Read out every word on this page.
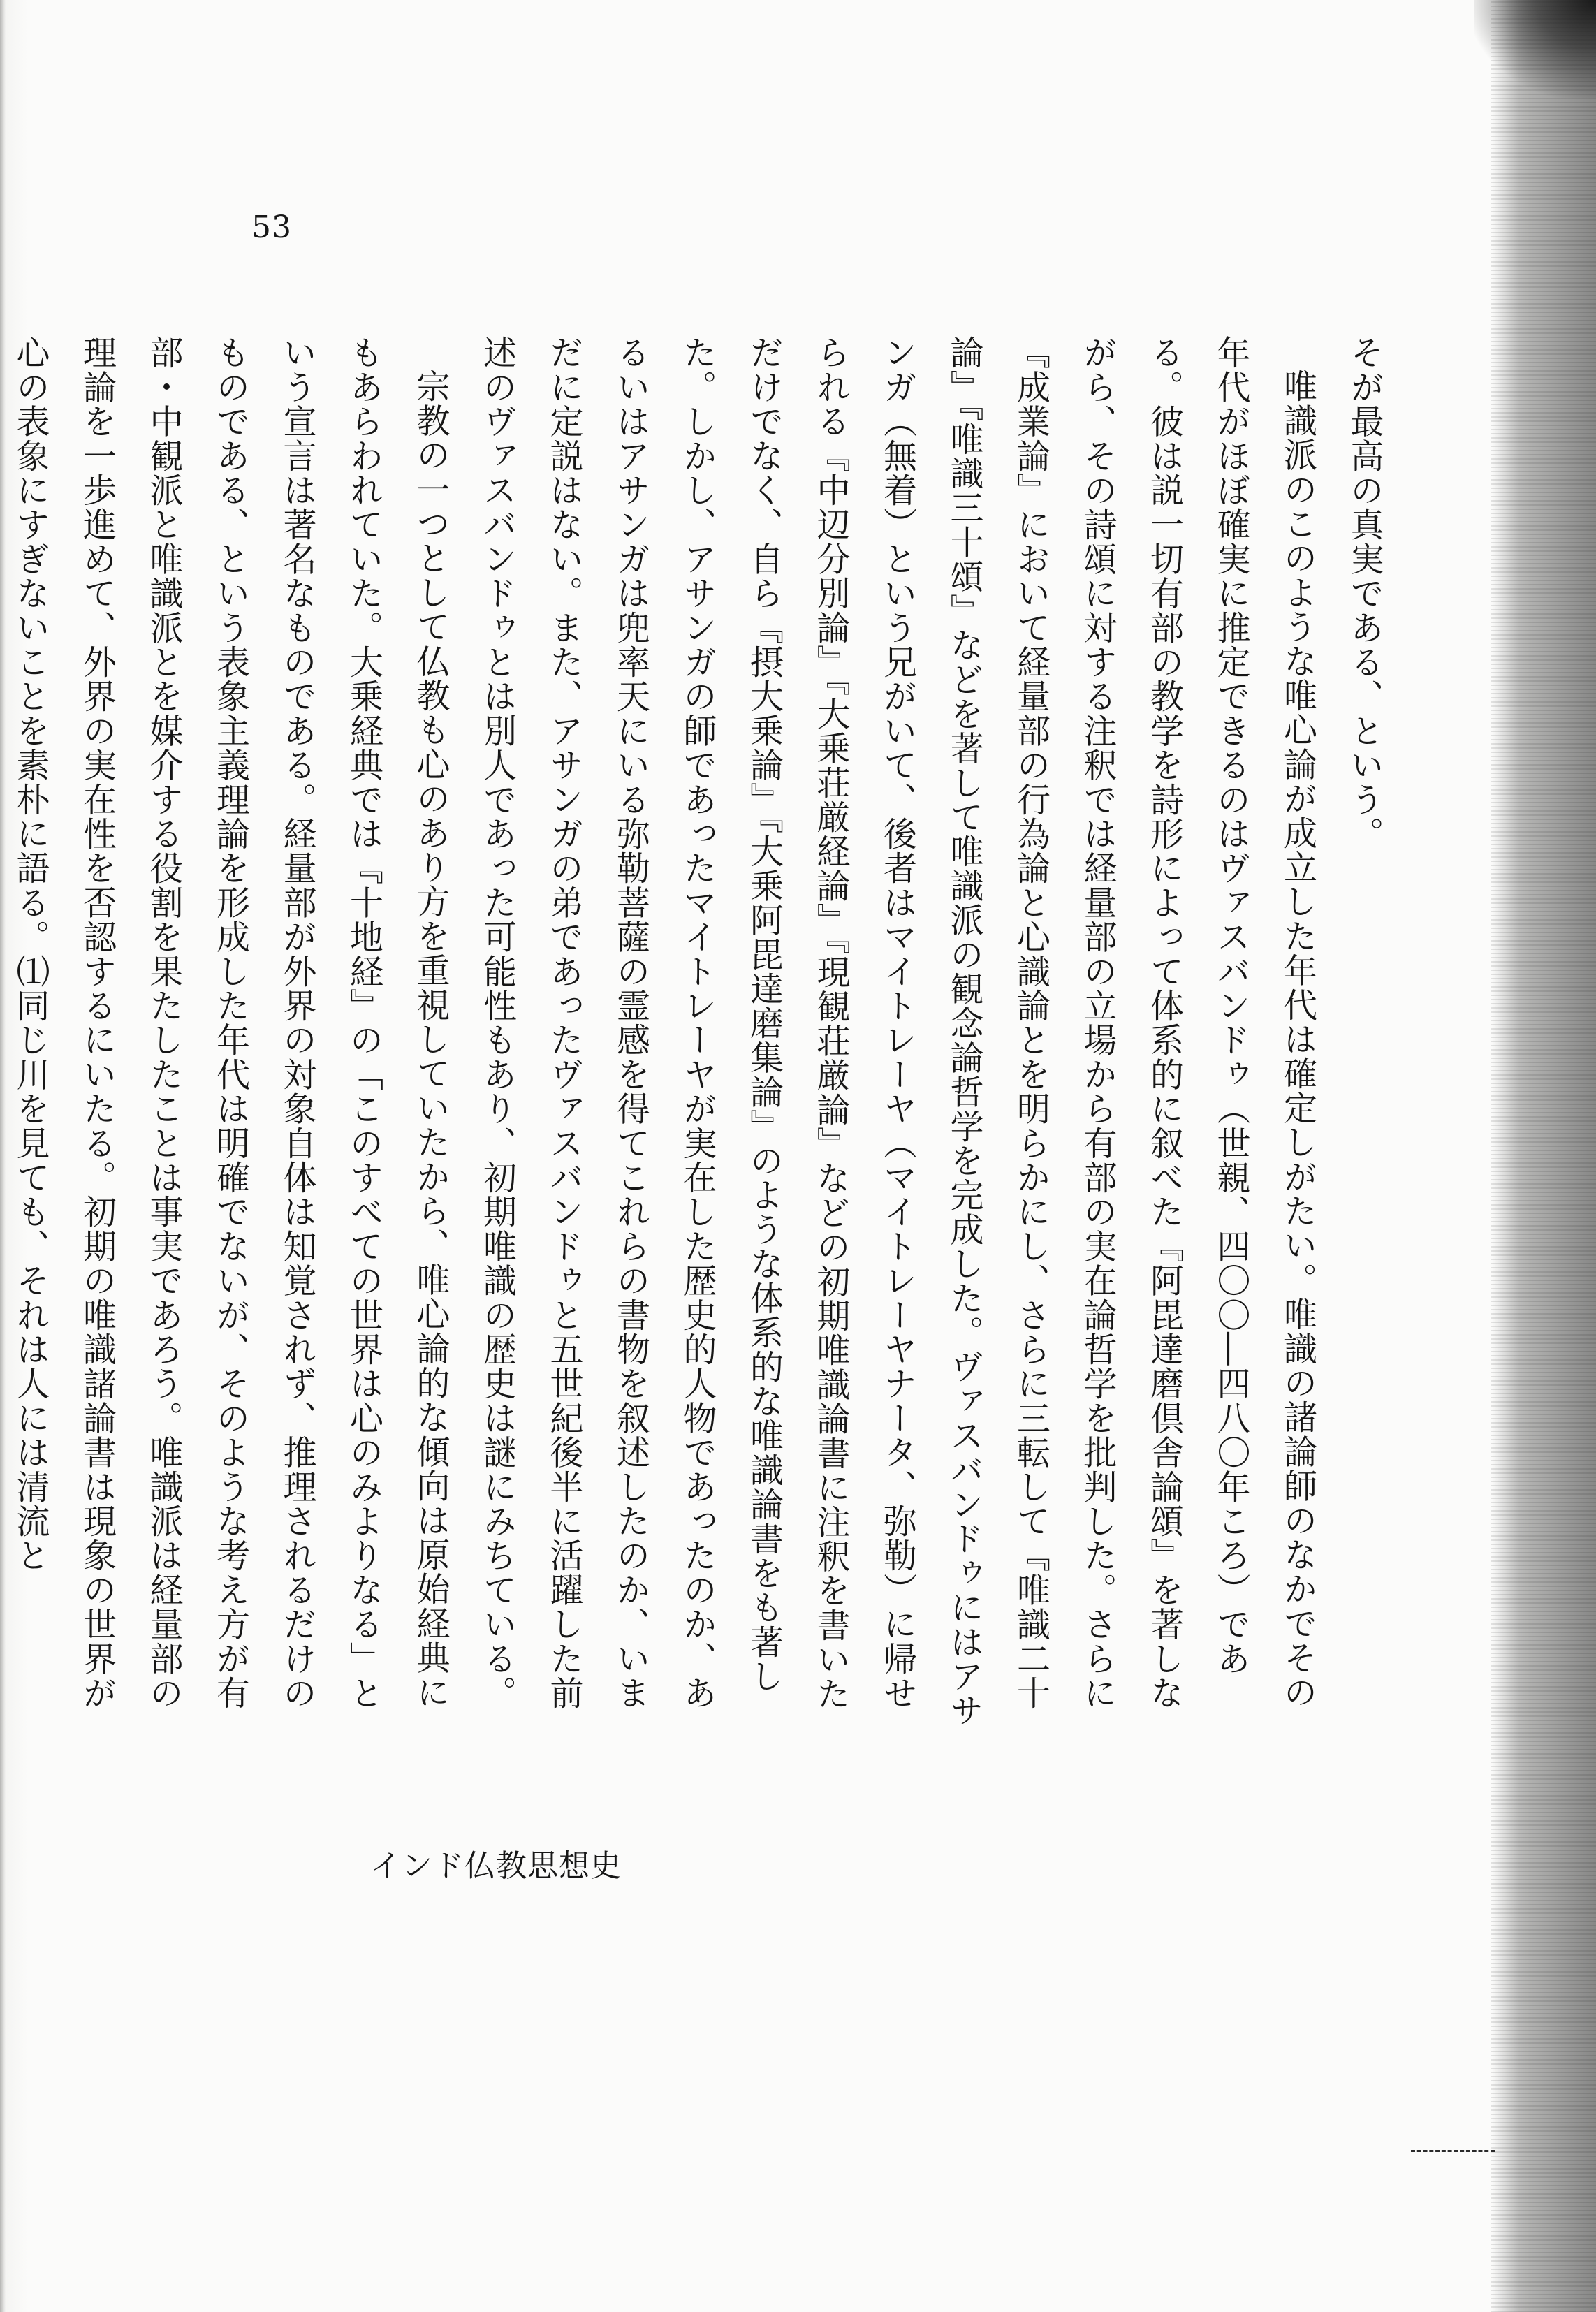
53

そが最高の真実である、という。

唯識派のこのような唯心論が成立した年代は確定しがたい。唯識の諸論師のなかでその年代がほぼ確実に推定できるのはヴァスバンドゥ（世親、四〇〇―四八〇年ころ）である。彼は説一切有部の教学を詩形によって体系的に叙べた『阿毘達磨倶舎論頌』を著しながら、その詩頌に対する注釈では経量部の立場から有部の実在論哲学を批判した。さらに『成業論』において経量部の行為論と心識論とを明らかにし、さらに三転して『唯識二十論』『唯識三十頌』などを著して唯識派の観念論哲学を完成した。ヴァスバンドゥにはアサンガ（無着）という兄がいて、後者はマイトレーヤ（マイトレーヤナータ、弥勒）に帰せられる『中辺分別論』『大乗荘厳経論』『現観荘厳論』などの初期唯識論書に注釈を書いただけでなく、自ら『摂大乗論』『大乗阿毘達磨集論』のような体系的な唯識論書をも著した。しかし、アサンガの師であったマイトレーヤが実在した歴史的人物であったのか、あるいはアサンガは兜率天にいる弥勒菩薩の霊感を得てこれらの書物を叙述したのか、いまだに定説はない。また、アサンガの弟であったヴァスバンドゥと五世紀後半に活躍した前述のヴァスバンドゥとは別人であった可能性もあり、初期唯識の歴史は謎にみちている。

宗教の一つとして仏教も心のあり方を重視していたから、唯心論的な傾向は原始経典にもあらわれていた。大乗経典では『十地経』の「このすべての世界は心のみよりなる」という宣言は著名なものである。経量部が外界の対象自体は知覚されず、推理されるだけのものである、という表象主義理論を形成した年代は明確でないが、そのような考え方が有部・中観派と唯識派とを媒介する役割を果たしたことは事実であろう。唯識派は経量部の理論を一歩進めて、外界の実在性を否認するにいたる。初期の唯識諸論書は現象の世界が心の表象にすぎないことを素朴に語る。⑴同じ川を見ても、それは人には清流と

インド仏教思想史
